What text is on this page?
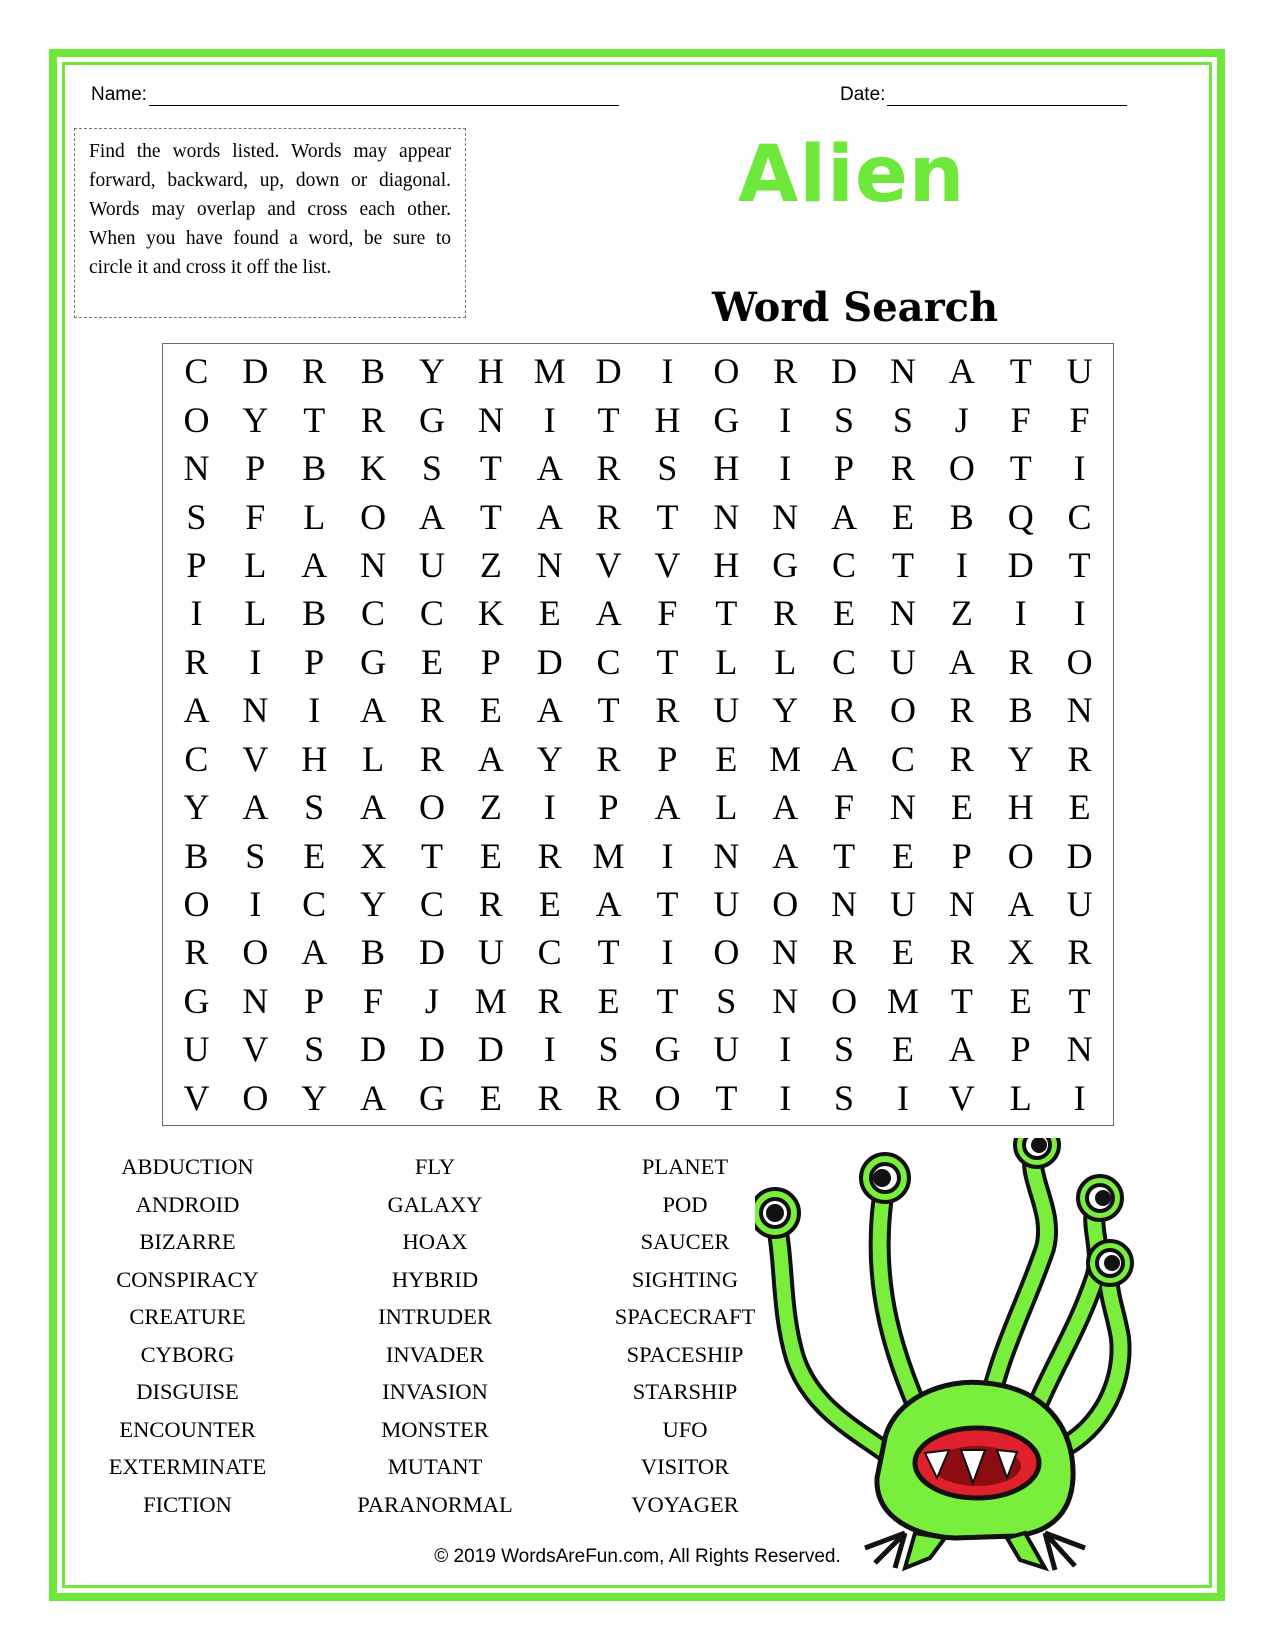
Name:	Date:
Find the words listed. Words may appear forward, backward, up, down or diagonal. Words may overlap and cross each other. When you have found a word, be sure to circle it and cross it off the list.
Alien
Word Search
C D R B Y H M D	I	O R D N A T U
O Y T R G N	I	T H G	I	S	S	J	F	F
N P	B K S	T A R	S H	I	P	R O T	I
S	F	L O A T A R T N N A E B Q C
P	L A N U Z N V V H G C T	I	D T
I	L B C C K E A F	T R E N Z	I	I
R	I	P G E	P D C T	L	L C U A R O
A N	I	A R E A T R U Y R O R B N
C V H L R A Y R	P	E M A C R Y R
Y A S A O Z	I	P A L A F N E H E
B	S	E X T	E R M	I	N A T	E	P O D
O	I	C Y C R E A T U O N U N A U
R O A B D U C T	I	O N R E R X R
G N P	F	J M R E	T	S N O M T	E	T
U V S D D D	I	S G U	I	S	E A P N
V O Y A G E R R O T	I	S	I	V L	I
ABDUCTION
ANDROID
BIZARRE
CONSPIRACY
CREATURE
CYBORG
DISGUISE
ENCOUNTER
EXTERMINATE
FICTION
FLY
GALAXY
HOAX
HYBRID
INTRUDER
INVADER
INVASION
MONSTER
MUTANT
PARANORMAL
PLANET
POD
SAUCER
SIGHTING
SPACECRAFT
SPACESHIP
STARSHIP
UFO
VISITOR
VOYAGER
© 2019 WordsAreFun.com, All Rights Reserved.
